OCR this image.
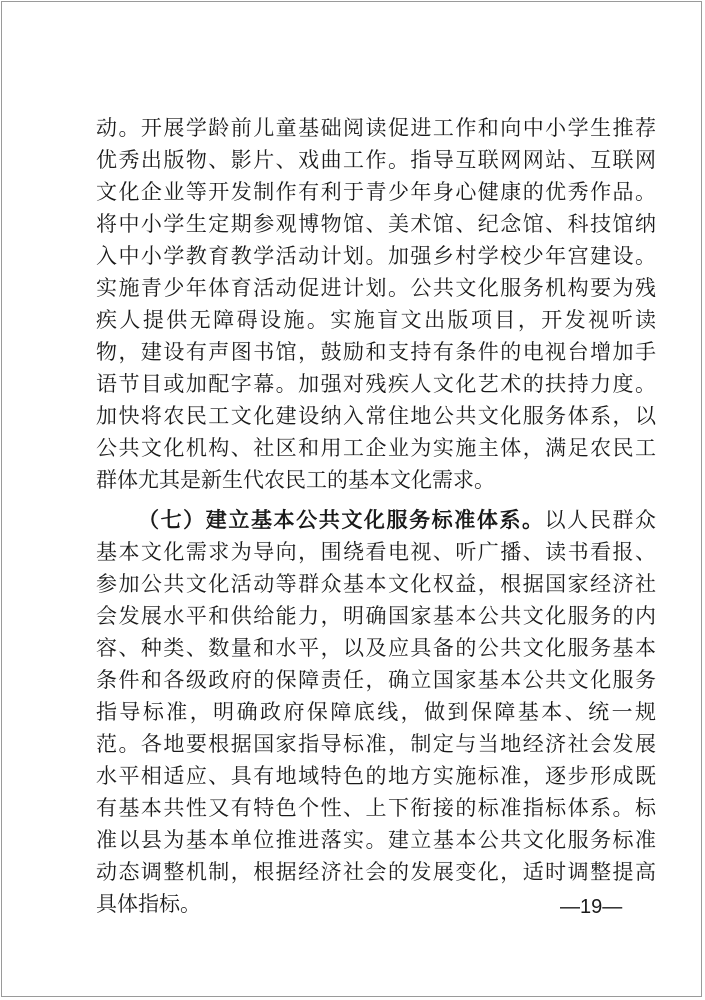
动。开展学龄前儿童基础阅读促进工作和向中小学生推荐
优秀出版物、影片、戏曲工作。指导互联网网站、互联网
文化企业等开发制作有利于青少年身心健康的优秀作品。
将中小学生定期参观博物馆、美术馆、纪念馆、科技馆纳
入中小学教育教学活动计划。加强乡村学校少年宫建设。
实施青少年体育活动促进计划。公共文化服务机构要为残
疾人提供无障碍设施。实施盲文出版项目，开发视听读
物，建设有声图书馆，鼓励和支持有条件的电视台增加手
语节目或加配字幕。加强对残疾人文化艺术的扶持力度。
加快将农民工文化建设纳入常住地公共文化服务体系，以
公共文化机构、社区和用工企业为实施主体，满足农民工
群体尤其是新生代农民工的基本文化需求。
（七）建立基本公共文化服务标准体系。以人民群众
基本文化需求为导向，围绕看电视、听广播、读书看报、
参加公共文化活动等群众基本文化权益，根据国家经济社
会发展水平和供给能力，明确国家基本公共文化服务的内
容、种类、数量和水平，以及应具备的公共文化服务基本
条件和各级政府的保障责任，确立国家基本公共文化服务
指导标准，明确政府保障底线，做到保障基本、统一规
范。各地要根据国家指导标准，制定与当地经济社会发展
水平相适应、具有地域特色的地方实施标准，逐步形成既
有基本共性又有特色个性、上下衔接的标准指标体系。标
准以县为基本单位推进落实。建立基本公共文化服务标准
动态调整机制，根据经济社会的发展变化，适时调整提高
具体指标。	—19—
